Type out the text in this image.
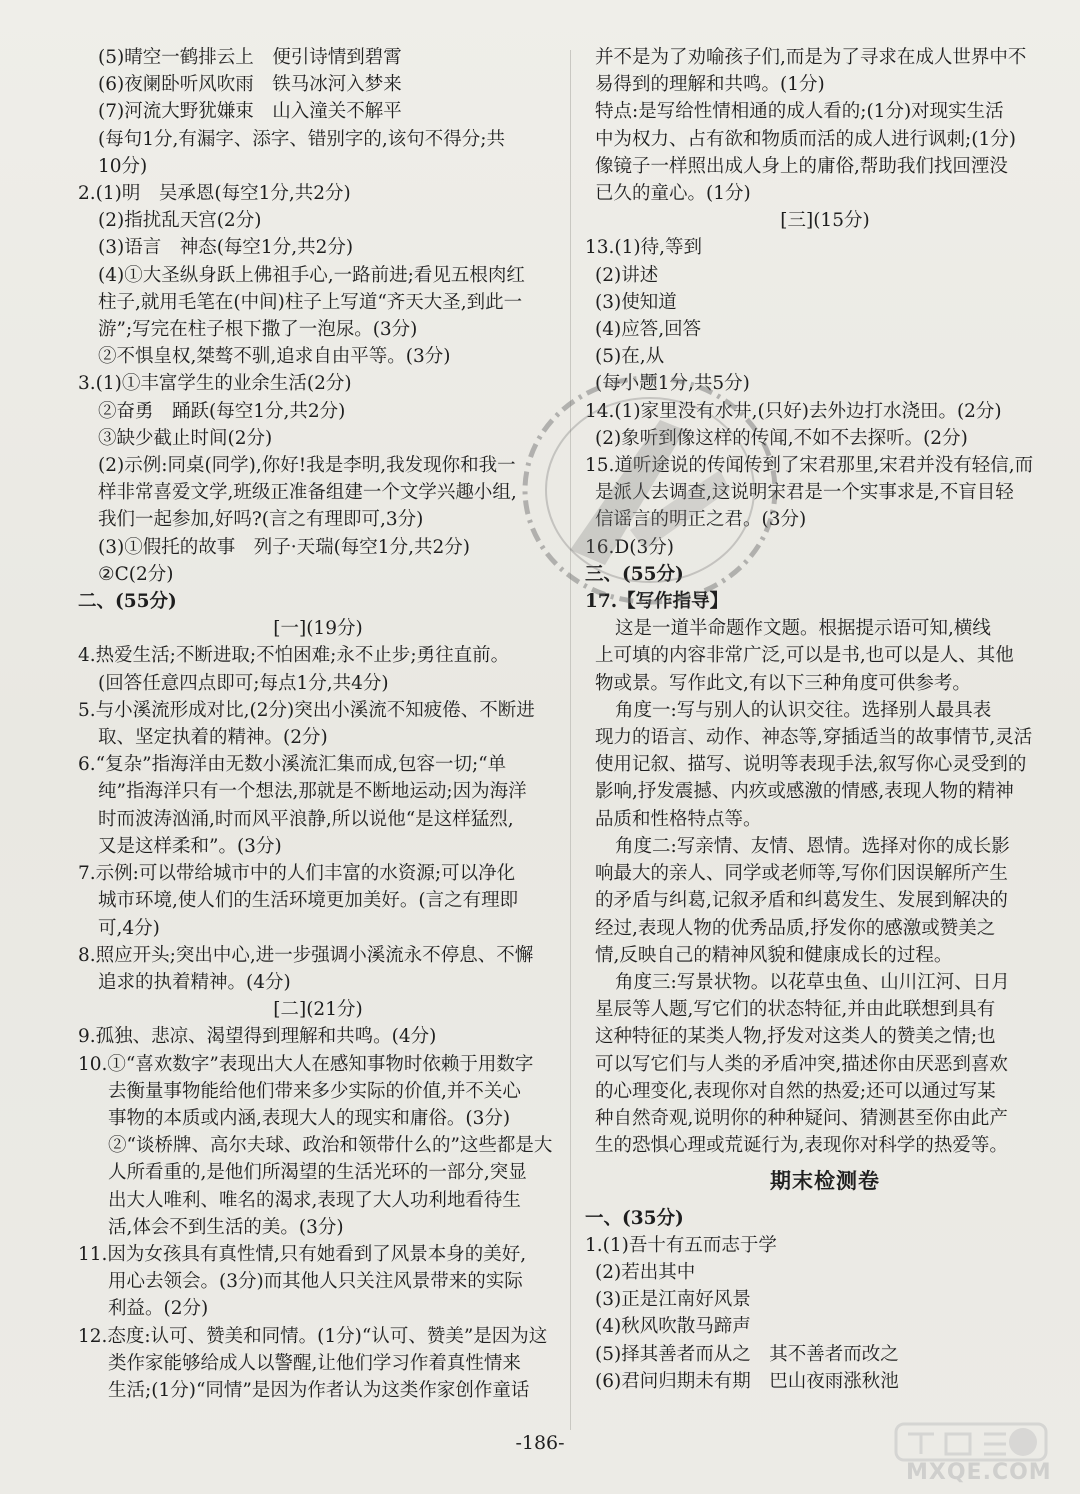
(5)晴空一鹤排云上　便引诗情到碧霄
(6)夜阑卧听风吹雨　铁马冰河入梦来
(7)河流大野犹嫌束　山入潼关不解平
(每句1分,有漏字、添字、错别字的,该句不得分;共
10分)
2.(1)明　吴承恩(每空1分,共2分)
(2)指扰乱天宫(2分)
(3)语言　神态(每空1分,共2分)
(4)①大圣纵身跃上佛祖手心,一路前进;看见五根肉红
柱子,就用毛笔在(中间)柱子上写道“齐天大圣,到此一
游”;写完在柱子根下撒了一泡尿。(3分)
②不惧皇权,桀骜不驯,追求自由平等。(3分)
3.(1)①丰富学生的业余生活(2分)
②奋勇　踊跃(每空1分,共2分)
③缺少截止时间(2分)
(2)示例:同桌(同学),你好!我是李明,我发现你和我一
样非常喜爱文学,班级正准备组建一个文学兴趣小组,
我们一起参加,好吗?(言之有理即可,3分)
(3)①假托的故事　列子·天瑞(每空1分,共2分)
②C(2分)
二、(55分)
[一](19分)
4.热爱生活;不断进取;不怕困难;永不止步;勇往直前。
(回答任意四点即可;每点1分,共4分)
5.与小溪流形成对比,(2分)突出小溪流不知疲倦、不断进
取、坚定执着的精神。(2分)
6.“复杂”指海洋由无数小溪流汇集而成,包容一切;“单
纯”指海洋只有一个想法,那就是不断地运动;因为海洋
时而波涛汹涌,时而风平浪静,所以说他“是这样猛烈,
又是这样柔和”。(3分)
7.示例:可以带给城市中的人们丰富的水资源;可以净化
城市环境,使人们的生活环境更加美好。(言之有理即
可,4分)
8.照应开头;突出中心,进一步强调小溪流永不停息、不懈
追求的执着精神。(4分)
[二](21分)
9.孤独、悲凉、渴望得到理解和共鸣。(4分)
10.①“喜欢数字”表现出大人在感知事物时依赖于用数字
去衡量事物能给他们带来多少实际的价值,并不关心
事物的本质或内涵,表现大人的现实和庸俗。(3分)
②“谈桥牌、高尔夫球、政治和领带什么的”这些都是大
人所看重的,是他们所渴望的生活光环的一部分,突显
出大人唯利、唯名的渴求,表现了大人功利地看待生
活,体会不到生活的美。(3分)
11.因为女孩具有真性情,只有她看到了风景本身的美好,
用心去领会。(3分)而其他人只关注风景带来的实际
利益。(2分)
12.态度:认可、赞美和同情。(1分)“认可、赞美”是因为这
类作家能够给成人以警醒,让他们学习作着真性情来
生活;(1分)“同情”是因为作者认为这类作家创作童话
并不是为了劝喻孩子们,而是为了寻求在成人世界中不
易得到的理解和共鸣。(1分)
特点:是写给性情相通的成人看的;(1分)对现实生活
中为权力、占有欲和物质而活的成人进行讽刺;(1分)
像镜子一样照出成人身上的庸俗,帮助我们找回湮没
已久的童心。(1分)
[三](15分)
13.(1)待,等到
(2)讲述
(3)使知道
(4)应答,回答
(5)在,从
(每小题1分,共5分)
14.(1)家里没有水井,(只好)去外边打水浇田。(2分)
(2)象听到像这样的传闻,不如不去探听。(2分)
15.道听途说的传闻传到了宋君那里,宋君并没有轻信,而
是派人去调查,这说明宋君是一个实事求是,不盲目轻
信谣言的明正之君。(3分)
16.D(3分)
三、(55分)
17.【写作指导】
这是一道半命题作文题。根据提示语可知,横线
上可填的内容非常广泛,可以是书,也可以是人、其他
物或景。写作此文,有以下三种角度可供参考。
角度一:写与别人的认识交往。选择别人最具表
现力的语言、动作、神态等,穿插适当的故事情节,灵活
使用记叙、描写、说明等表现手法,叙写你心灵受到的
影响,抒发震撼、内疚或感激的情感,表现人物的精神
品质和性格特点等。
角度二:写亲情、友情、恩情。选择对你的成长影
响最大的亲人、同学或老师等,写你们因误解所产生
的矛盾与纠葛,记叙矛盾和纠葛发生、发展到解决的
经过,表现人物的优秀品质,抒发你的感激或赞美之
情,反映自己的精神风貌和健康成长的过程。
角度三:写景状物。以花草虫鱼、山川江河、日月
星辰等人题,写它们的状态特征,并由此联想到具有
这种特征的某类人物,抒发对这类人的赞美之情;也
可以写它们与人类的矛盾冲突,描述你由厌恶到喜欢
的心理变化,表现你对自然的热爱;还可以通过写某
种自然奇观,说明你的种种疑问、猜测甚至你由此产
生的恐惧心理或荒诞行为,表现你对科学的热爱等。
期末检测卷
一、(35分)
1.(1)吾十有五而志于学
(2)若出其中
(3)正是江南好风景
(4)秋风吹散马蹄声
(5)择其善者而从之　其不善者而改之
(6)君问归期未有期　巴山夜雨涨秋池
-186-
MXQE.COM
